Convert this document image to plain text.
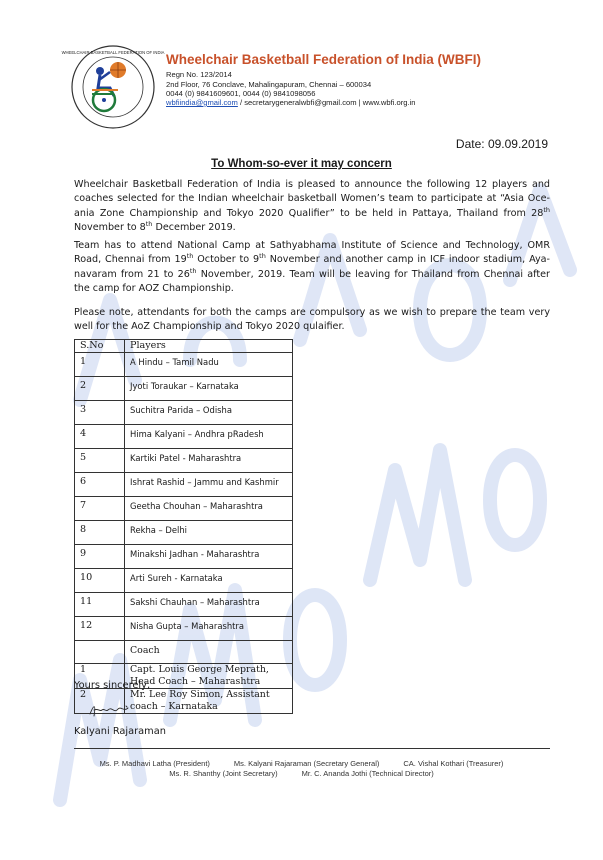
WHEELCHAIR BASKETBALL FEDERATION OF INDIA Wheelchair Basketball Federation of India (WBFI)
Regn No. 123/2014
2nd Floor, 76 Conclave, Mahalingapuram, Chennai – 600034
0044 (0) 9841609601, 0044 (0) 9841098056
wbfiindia@gmail.com / secretarygeneralwbfi@gmail.com | www.wbfi.org.in
Date: 09.09.2019
To Whom-so-ever it may concern
Wheelchair Basketball Federation of India is pleased to announce the following 12 players and coaches selected for the Indian wheelchair basketball Women’s team to participate at “Asia Oce-ania Zone Championship and Tokyo 2020 Qualifier” to be held in Pattaya, Thailand from 28th November to 8th December 2019.
Team has to attend National Camp at Sathyabhama Institute of Science and Technology, OMR Road, Chennai from 19th October to 9th November and another camp in ICF indoor stadium, Aya-navaram from 21 to 26th November, 2019. Team will be leaving for Thailand from Chennai after the camp for AOZ Championship.
Please note, attendants for both the camps are compulsory as we wish to prepare the team very well for the AoZ Championship and Tokyo 2020 qulaifier.
S.No	Players
1	A Hindu – Tamil Nadu
2	Jyoti Toraukar – Karnataka
3	Suchitra Parida – Odisha
4	Hima Kalyani – Andhra pRadesh
5	Kartiki Patel - Maharashtra
6	Ishrat Rashid – Jammu and Kashmir
7	Geetha Chouhan – Maharashtra
8	Rekha – Delhi
9	Minakshi Jadhan - Maharashtra
10	Arti Sureh - Karnataka
11	Sakshi Chauhan – Maharashtra
12	Nisha Gupta – Maharashtra
	Coach
1	Capt. Louis George Meprath, Head Coach – Maharashtra
2	Mr. Lee Roy Simon, Assistant coach – Karnataka
Yours sincerely,
Kalyani Rajaraman
Ms. P. Madhavi Latha (President)	Ms. Kalyani Rajaraman (Secretary General)	CA. Vishal Kothari (Treasurer)
Ms. R. Shanthy (Joint Secretary)	Mr. C. Ananda Jothi (Technical Director)
